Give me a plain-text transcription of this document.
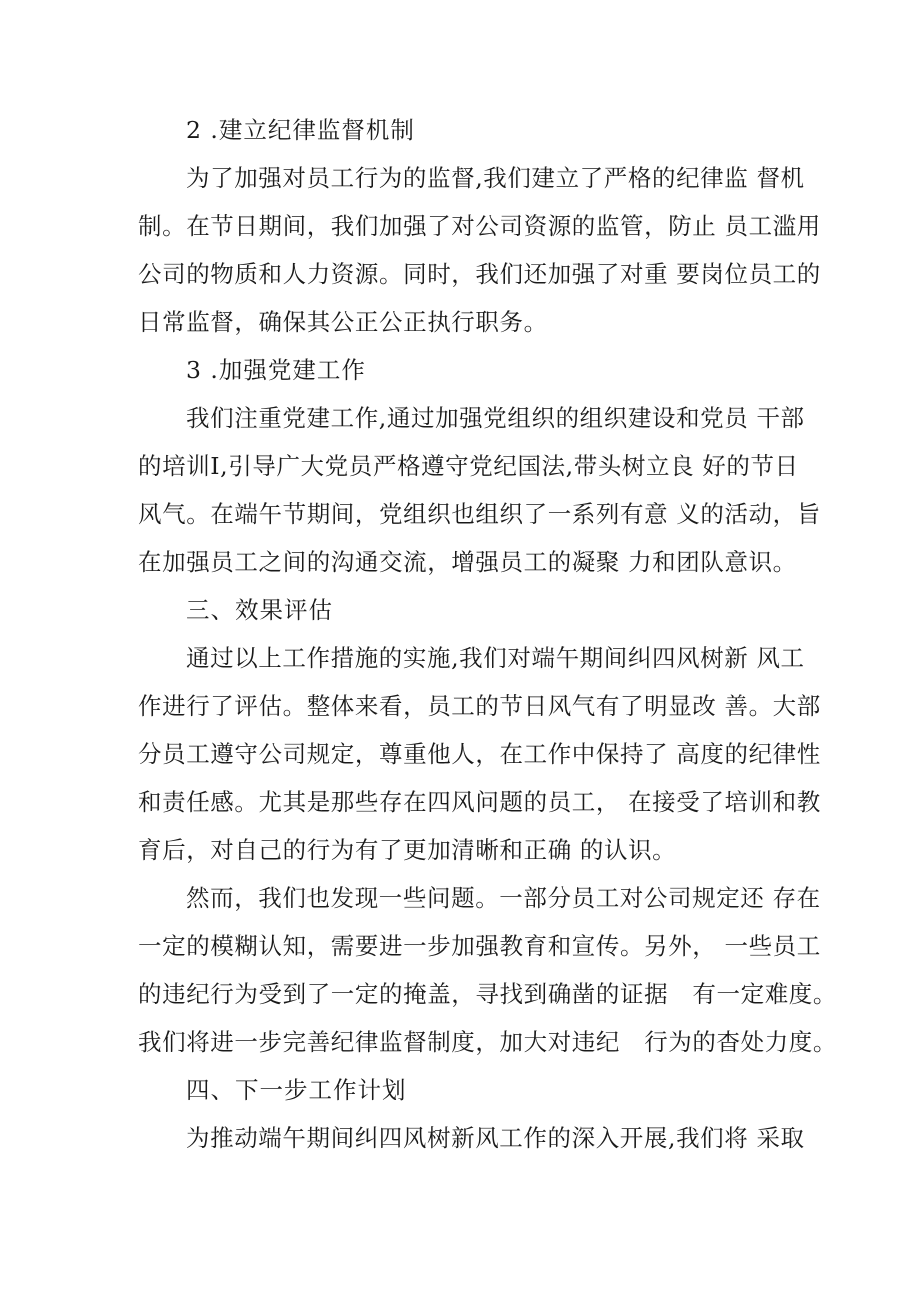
2 .建立纪律监督机制
为了加强对员工行为的监督,我们建立了严格的纪律监 督机
制。在节日期间，我们加强了对公司资源的监管，防止 员工滥用
公司的物质和人力资源。同时，我们还加强了对重 要岗位员工的
日常监督，确保其公正公正执行职务。
3 .加强党建工作
我们注重党建工作,通过加强党组织的组织建设和党员 干部
的培训I,引导广大党员严格遵守党纪国法,带头树立良 好的节日
风气。在端午节期间，党组织也组织了一系列有意 义的活动，旨
在加强员工之间的沟通交流，增强员工的凝聚 力和团队意识。
三、效果评估
通过以上工作措施的实施,我们对端午期间纠四风树新 风工
作进行了评估。整体来看，员工的节日风气有了明显改 善。大部
分员工遵守公司规定，尊重他人，在工作中保持了 高度的纪律性
和责任感。尤其是那些存在四风问题的员工， 在接受了培训和教
育后，对自己的行为有了更加清晰和正确 的认识。
然而，我们也发现一些问题。一部分员工对公司规定还 存在
一定的模糊认知，需要进一步加强教育和宣传。另外， 一些员工
的违纪行为受到了一定的掩盖，寻找到确凿的证据   有一定难度。
我们将进一步完善纪律监督制度，加大对违纪   行为的杳处力度。
四、下一步工作计划
为推动端午期间纠四风树新风工作的深入开展,我们将 采取
